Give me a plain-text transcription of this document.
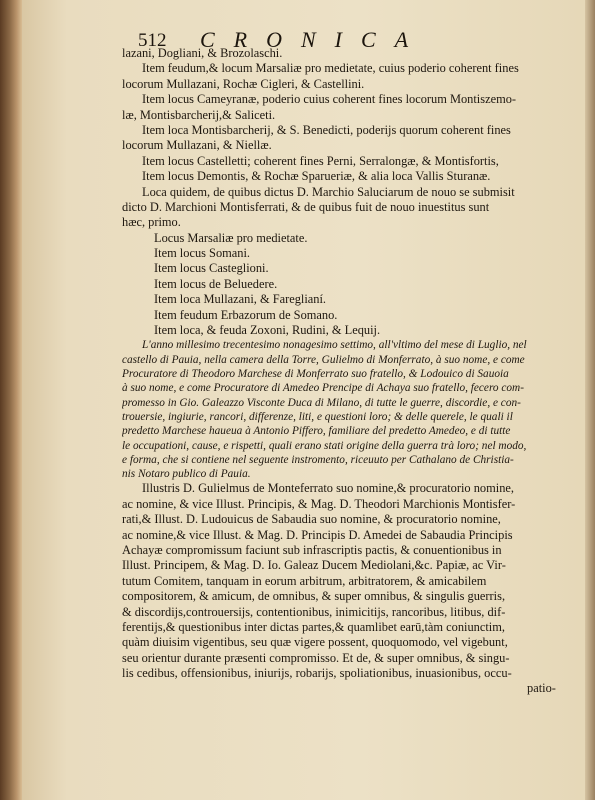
512 CRONICA
lazani, Dogliani, & Brozolaschi.
Item feudum,& locum Marsaliæ pro medietate, cuius poderio coherent fines
locorum Mullazani, Rochæ Cigleri, & Castellini.
Item locus Cameyranæ, poderio cuius coherent fines locorum Montiszemo-
læ, Montisbarcherij,& Saliceti.
Item loca Montisbarcherij, & S. Benedicti, poderijs quorum coherent fines
locorum Mullazani, & Niellæ.
Item locus Castelletti; coherent fines Perni, Serralongæ, & Montisfortis,
Item locus Demontis, & Rochæ Sparueriæ, & alia loca Vallis Sturanæ.
Loca quidem, de quibus dictus D. Marchio Saluciarum de nouo se submisit
dicto D. Marchioni Montisferrati, & de quibus fuit de nouo inuestitus sunt
hæc, primo.
Locus Marsaliæ pro medietate.
Item locus Somani.
Item locus Casteglioni.
Item locus de Beluedere.
Item loca Mullazani, & Fareglianí.
Item feudum Erbazorum de Somano.
Item loca, & feuda Zoxoni, Rudini, & Lequij.
L'anno millesimo trecentesimo nonagesimo settimo, all'vltimo del mese di Luglio, nel
castello di Pauia, nella camera della Torre, Gulielmo di Monferrato, à suo nome, e come
Procuratore di Theodoro Marchese di Monferrato suo fratello, & Lodouico di Sauoia
à suo nome, e come Procuratore di Amedeo Prencipe di Achaya suo fratello, fecero com-
promesso in Gio. Galeazzo Visconte Duca di Milano, di tutte le guerre, discordie, e con-
trouersie, ingiurie, rancori, differenze, liti, e questioni loro; & delle querele, le quali il
predetto Marchese haueua à Antonio Piffero, familiare del predetto Amedeo, e di tutte
le occupationi, cause, e rispetti, quali erano stati origine della guerra trà loro; nel modo,
e forma, che si contiene nel seguente instromento, riceuuto per Cathalano de Christia-
nis Notaro publico di Pauia.
Illustris D. Gulielmus de Monteferrato suo nomine,& procuratorio nomine,
ac nomine, & vice Illust. Principis, & Mag. D. Theodori Marchionis Montisfer-
rati,& Illust. D. Ludouicus de Sabaudia suo nomine, & procuratorio nomine,
ac nomine,& vice Illust. & Mag. D. Principis D. Amedei de Sabaudia Principis
Achayæ compromissum faciunt sub infrascriptis pactis, & conuentionibus in
Illust. Principem, & Mag. D. Io. Galeaz Ducem Mediolani,&c. Papiæ, ac Vir-
tutum Comitem, tanquam in eorum arbitrum, arbitratorem, & amicabilem
compositorem, & amicum, de omnibus, & super omnibus, & singulis guerris,
& discordijs,controuersijs, contentionibus, inimicitijs, rancoribus, litibus, dif-
ferentijs,& questionibus inter dictas partes,& quamlibet earū,tàm coniunctim,
quàm diuisim vigentibus, seu quæ vigere possent, quoquomodo, vel vigebunt,
seu orientur durante præsenti compromisso. Et de, & super omnibus, & singu-
lis cedibus, offensionibus, iniurijs, robarijs, spoliationibus, inuasionibus, occu-
patio-
